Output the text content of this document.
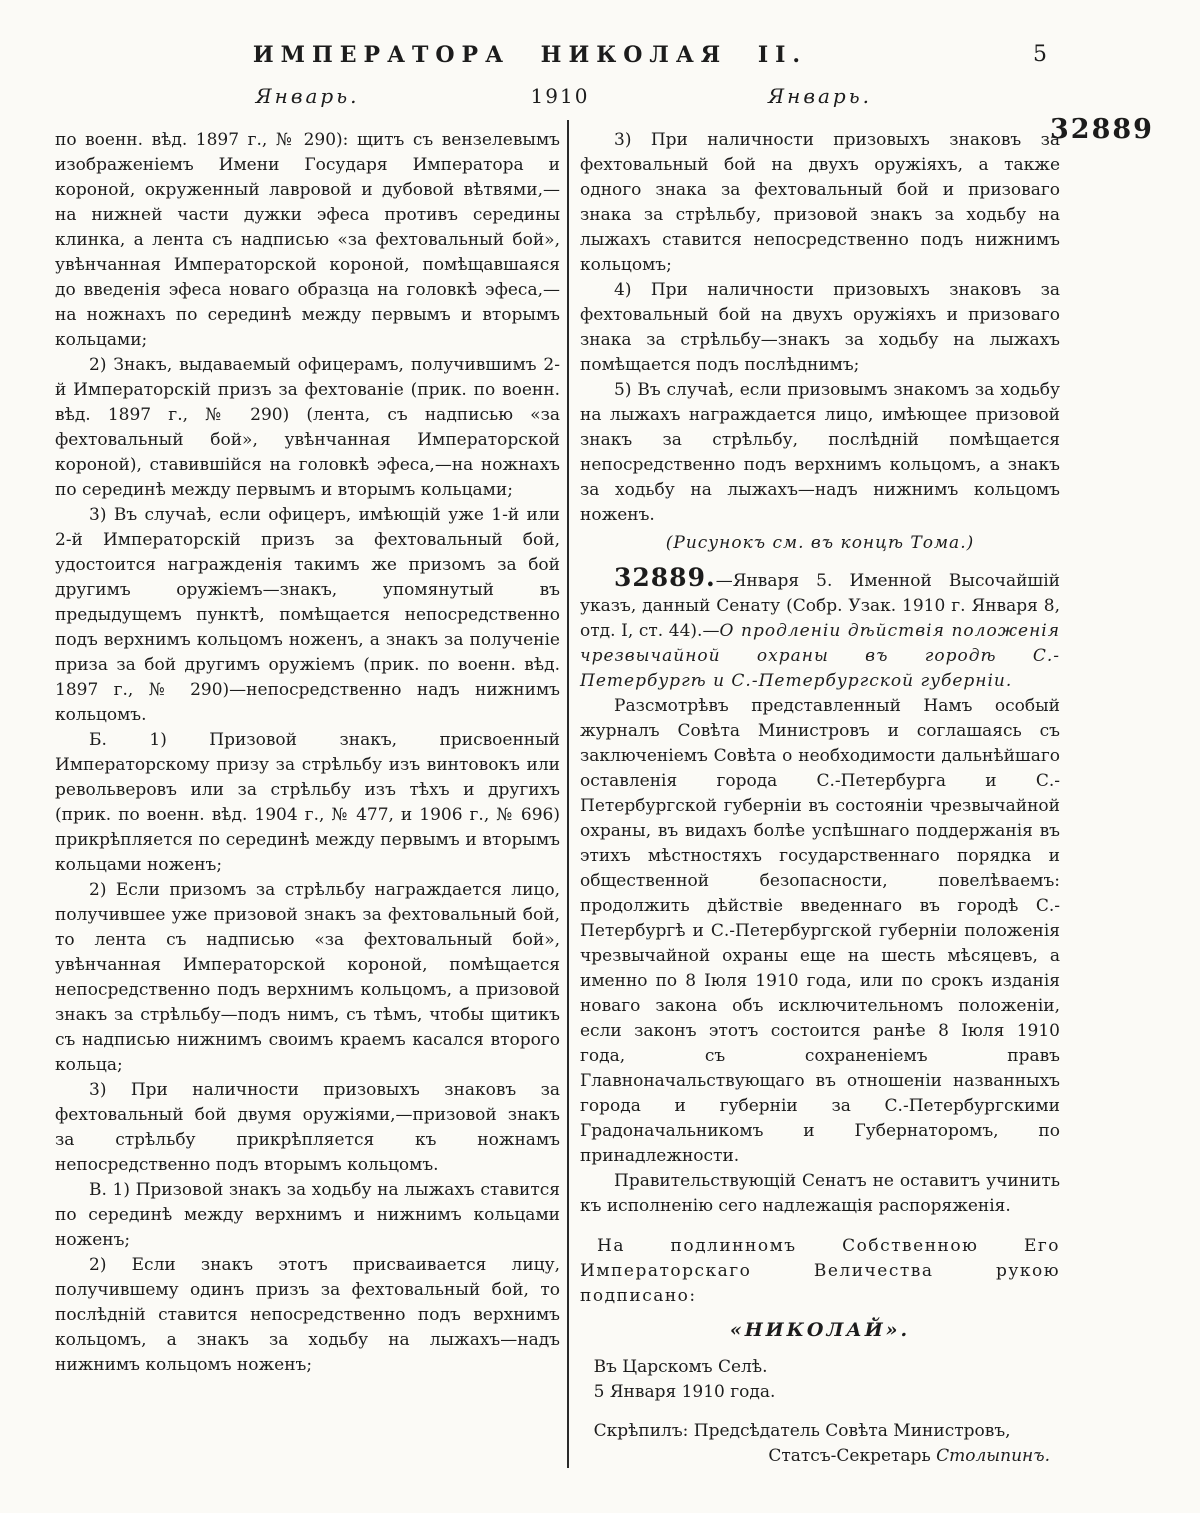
ИМПЕРАТОРА НИКОЛАЯ II.	5
Январь.	1910	Январь.
32889

по военн. вѣд. 1897 г., № 290): щитъ съ вензелевымъ изображеніемъ Имени Государя Императора и короной, окруженный лавровой и дубовой вѣтвями,—на нижней части дужки эфеса противъ середины клинка, а лента съ надписью «за фехтовальный бой», увѣнчанная Императорской короной, помѣщавшаяся до введенія эфеса новаго образца на головкѣ эфеса,—на ножнахъ по серединѣ между первымъ и вторымъ кольцами;

2) Знакъ, выдаваемый офицерамъ, получившимъ 2-й Императорскій призъ за фехтованіе (прик. по военн. вѣд. 1897 г., № 290) (лента, съ надписью «за фехтовальный бой», увѣнчанная Императорской короной), ставившійся на головкѣ эфеса,—на ножнахъ по серединѣ между первымъ и вторымъ кольцами;

3) Въ случаѣ, если офицеръ, имѣющій уже 1-й или 2-й Императорскій призъ за фехтовальный бой, удостоится награжденія такимъ же призомъ за бой другимъ оружіемъ—знакъ, упомянутый въ предыдущемъ пунктѣ, помѣщается непосредственно подъ верхнимъ кольцомъ ноженъ, а знакъ за полученіе приза за бой другимъ оружіемъ (прик. по военн. вѣд. 1897 г., № 290)—непосредственно надъ нижнимъ кольцомъ.

Б. 1) Призовой знакъ, присвоенный Императорскому призу за стрѣльбу изъ винтовокъ или револьверовъ или за стрѣльбу изъ тѣхъ и другихъ (прик. по военн. вѣд. 1904 г., № 477, и 1906 г., № 696) прикрѣпляется по серединѣ между первымъ и вторымъ кольцами ноженъ;

2) Если призомъ за стрѣльбу награждается лицо, получившее уже призовой знакъ за фехтовальный бой, то лента съ надписью «за фехтовальный бой», увѣнчанная Императорской короной, помѣщается непосредственно подъ верхнимъ кольцомъ, а призовой знакъ за стрѣльбу—подъ нимъ, съ тѣмъ, чтобы щитикъ съ надписью нижнимъ своимъ краемъ касался второго кольца;

3) При наличности призовыхъ знаковъ за фехтовальный бой двумя оружіями,—призовой знакъ за стрѣльбу прикрѣпляется къ ножнамъ непосредственно подъ вторымъ кольцомъ.

В. 1) Призовой знакъ за ходьбу на лыжахъ ставится по серединѣ между верхнимъ и нижнимъ кольцами ноженъ;

2) Если знакъ этотъ присваивается лицу, получившему одинъ призъ за фехтовальный бой, то послѣдній ставится непосредственно подъ верхнимъ кольцомъ, а знакъ за ходьбу на лыжахъ—надъ нижнимъ кольцомъ ноженъ;

3) При наличности призовыхъ знаковъ за фехтовальный бой на двухъ оружіяхъ, а также одного знака за фехтовальный бой и призоваго знака за стрѣльбу, призовой знакъ за ходьбу на лыжахъ ставится непосредственно подъ нижнимъ кольцомъ;

4) При наличности призовыхъ знаковъ за фехтовальный бой на двухъ оружіяхъ и призоваго знака за стрѣльбу—знакъ за ходьбу на лыжахъ помѣщается подъ послѣднимъ;

5) Въ случаѣ, если призовымъ знакомъ за ходьбу на лыжахъ награждается лицо, имѣющее призовой знакъ за стрѣльбу, послѣдній помѣщается непосредственно подъ верхнимъ кольцомъ, а знакъ за ходьбу на лыжахъ—надъ нижнимъ кольцомъ ноженъ.

(Рисунокъ см. въ концѣ Тома.)

32889.—Января 5. Именной Высочайшій указъ, данный Сенату (Собр. Узак. 1910 г. Января 8, отд. I, ст. 44).—О продленіи дѣйствія положенія чрезвычайной охраны въ городѣ С.-Петербургѣ и С.-Петербургской губерніи.

Разсмотрѣвъ представленный Намъ особый журналъ Совѣта Министровъ и соглашаясь съ заключеніемъ Совѣта о необходимости дальнѣйшаго оставленія города С.-Петербурга и С.-Петербургской губерніи въ состояніи чрезвычайной охраны, въ видахъ болѣе успѣшнаго поддержанія въ этихъ мѣстностяхъ государственнаго порядка и общественной безопасности, повелѣваемъ: продолжить дѣйствіе введеннаго въ городѣ С.-Петербургѣ и С.-Петербургской губерніи положенія чрезвычайной охраны еще на шесть мѣсяцевъ, а именно по 8 Іюля 1910 года, или по срокъ изданія новаго закона объ исключительномъ положеніи, если законъ этотъ состоится ранѣе 8 Іюля 1910 года, съ сохраненіемъ правъ Главноначальствующаго въ отношеніи названныхъ города и губерніи за С.-Петербургскими Градоначальникомъ и Губернаторомъ, по принадлежности.

Правительствующій Сенатъ не оставитъ учинить къ исполненію сего надлежащія распоряженія.

На подлинномъ Собственною Его Императорскаго Величества рукою подписано:

«НИКОЛАЙ».

Въ Царскомъ Селѣ.

5 Января 1910 года.

Скрѣпилъ: Предсѣдатель Совѣта Министровъ,
Статсъ-Секретарь Столыпинъ.
